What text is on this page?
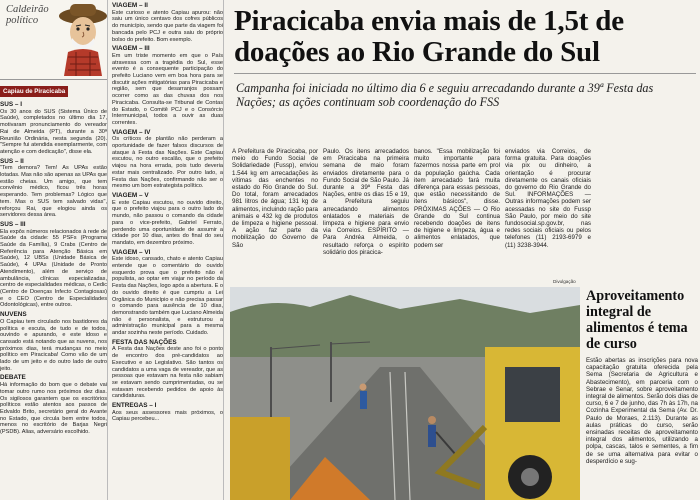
Caldeirão político
Capiau de Piracicaba
SUS – I
Os 30 anos do SUS (Sistema Único de Saúde), completados no último dia 17, motivaram pronunciamento do vereador Rai de Almeida (PT), durante a 30ª Reunião Ordinária, nesta segunda (20). "Sempre fui atendida exemplarmente, com atenção e com dedicação", disse ela.
SUS – II
"Tem demora? Tem! As UPAs estão lotadas. Mas não são apenas as UPAs que estão cheias. Um amigo, que tem convênio médico, ficou três horas esperando. Tem problemas? Lógico que tem. Mas o SUS tem salvado vidas", reforçou Rai, que elogiou ainda os servidores dessa área.
SUS – III
Ela expôs números relacionados à rede de Saúde da cidade: 55 PSFs (Programa Saúde da Família), 9 Crabs (Centro de Referência para Atenção Básica em Saúde), 12 UBSs (Unidade Básica de Saúde), 4 UPAs (Unidade de Pronto Atendimento), além de serviço de ambulância, clínicas especializadas, centro de especialidades médicas, o Cedic (Centro de Doenças Infecto Contagiosas) e o CEO (Centro de Especialidades Odontológicas), entre outros.
NUVENS
O Capiau tem circulado nos bastidores da política e escuta, de tudo e de todos, ouvindo e apurando, e este idoso e cansado está notando que as nuvens, nos próximos dias, terá mudanças no meio político em Piracicaba! Como vão de um lado de um jeito e do outro lado de outro jeito.
DEBATE
Há informação do bom que o debate vai tomar outro rumo nos próximos dez dias. Os sigilosos garantem que os escritórios políticos estão atentos aos passos de Edvaldo Brito, secretário geral do Avante no Estado, que circula bem entre todos, menos no escritório de Barjas Negri (PSDB). Alias, adversário escolhido.
VIAGEM – II
Este curioso e atento Capiau apurou: não saiu um único centavo dos cofres públicos do município, sendo que parte da viagem foi bancada pelo PCJ e outra saiu do próprio bolso do prefeito. Bom exemplo.
VIAGEM – III
Em um triste momento em que o País atravessa com a tragédia do Sul, esse evento é a consequente participação do prefeito Luciano vem em boa hora para se discutir ações mitigatórias para Piracicaba e região, sem que desarranjos possam ocorrer como as das chuvas dos nos Piracicaba. Consulta-se Tribunal de Contas do Estado, o Comitê PCJ e o Consórcio Intermunicipal, todos a ouvir as duas correntes.
VIAGEM – IV
Os críticos de plantão não perderam a oportunidade de fazer falsos discursos de ataque à Festa das Nações. Este Capiau escutou, no outro escalão, que o prefeito viajou na hora errada, pois tudo deveria estar mais centralizado. Por outro lado, a Festa das Nações, confirmando não ser o mesmo um bom estrategista político.
VIAGEM – V
E este Capiau escutou, no ouvido direito, que o prefeito viajou para o outro lado do mundo, não passou o comando da cidade para o vice-prefeito, Gabriel Ferrato, perdendo uma oportunidade de assumir a cidade por 10 dias, antes do final do seu mandato, em dezembro próximo.
VIAGEM – VI
Este idoso, cansado, chato e atento Capiau entende que o comentário do ouvido esquerdo prova que o prefeito não é populista, ao optar em viajar no período da Festa das Nações, logo após a abertura. E o do ouvido direito é que cumpriu a Lei Orgânica do Município e não precisa passar o comando para ausência de 10 dias, demonstrando também que Luciano Almeida não é personalista, e estruturou a administração municipal para a mesma andar sozinha neste período. Cuidado.
FESTA DAS NAÇÕES
A Festa das Nações deste ano foi o ponto de encontro dos pré-candidatos ao Executivo e ao Legislativo. São tantos os candidatos a uma vaga de vereador, que as pessoas que estavam na festa não sabiam se estavam sendo cumprimentadas, ou se estavam recebendo pedidos de apoio às candidaturas.
ENTREGAS – I
Aos seus assessores mais próximos, o Capiau percebeu...
Piracicaba envia mais de 1,5t de doações ao Rio Grande do Sul
Campanha foi iniciada no último dia 6 e seguiu arrecadando durante a 39ª Festa das Nações; as ações continuam sob coordenação do FSS
A Prefeitura de Piracicaba, por meio do Fundo Social de Solidariedade (Fussp), enviou 1.544 kg em arrecadações às vítimas das enchentes no estado do Rio Grande do Sul. Do total, foram arrecadados 981 litros de água; 131 kg de alimentos, incluindo ração para animais e 432 kg de produtos de limpeza e higiene pessoal. A ação faz parte da mobilização do Governo de São
Paulo. Os itens arrecadados em Piracicaba na primeira semana de maio foram enviados diretamente para o Fundo Social de São Paulo. Já durante a 39ª Festa das Nações, entre os dias 15 e 19, a Prefeitura seguiu arrecadando alimentos enlatados e materiais de limpeza e higiene para envio via Correios. ESPÍRITO — Para Andréa Almeida, o resultado reforça o espírito solidário dos piracica-
banos. "Essa mobilização foi muito importante para fazermos nossa parte em prol da população gaúcha. Cada item arrecadado fará muita diferença para essas pessoas, que estão necessitando de itens básicos", disse. PRÓXIMAS AÇÕES — O Rio Grande do Sul continua recebendo doações de itens de higiene e limpeza, água e alimentos enlatados, que podem ser
enviados via Correios, de forma gratuita. Para doações via pix ou dinheiro, a orientação é procurar diretamente os canais oficiais do governo do Rio Grande do Sul. INFORMAÇÕES — Outras informações podem ser acessadas no site do Fussp São Paulo, por meio do site fundosocial.sp.gov.br, nas redes sociais oficiais ou pelos telefones (11) 2193-6979 e (11) 3238-3944.
Divulgação
Aproveitamento integral de alimentos é tema de curso
Estão abertas as inscrições para nova capacitação gratuita oferecida pela Sema (Secretaria de Agricultura e Abastecimento), em parceria com o Sebrae e Senar, sobre aproveitamento integral de alimentos. Serão dois dias de curso, 6 e 7 de junho, das 7h às 17h, na Cozinha Experimental da Sema (Av. Dr. Paulo de Moraes, 2.113). Durante as aulas práticas do curso, serão ensinadas receitas de aproveitamento integral dos alimentos, utilizando a polpa, cascas, talos e sementes, a fim de se uma alternativa para evitar o desperdício e sug-
